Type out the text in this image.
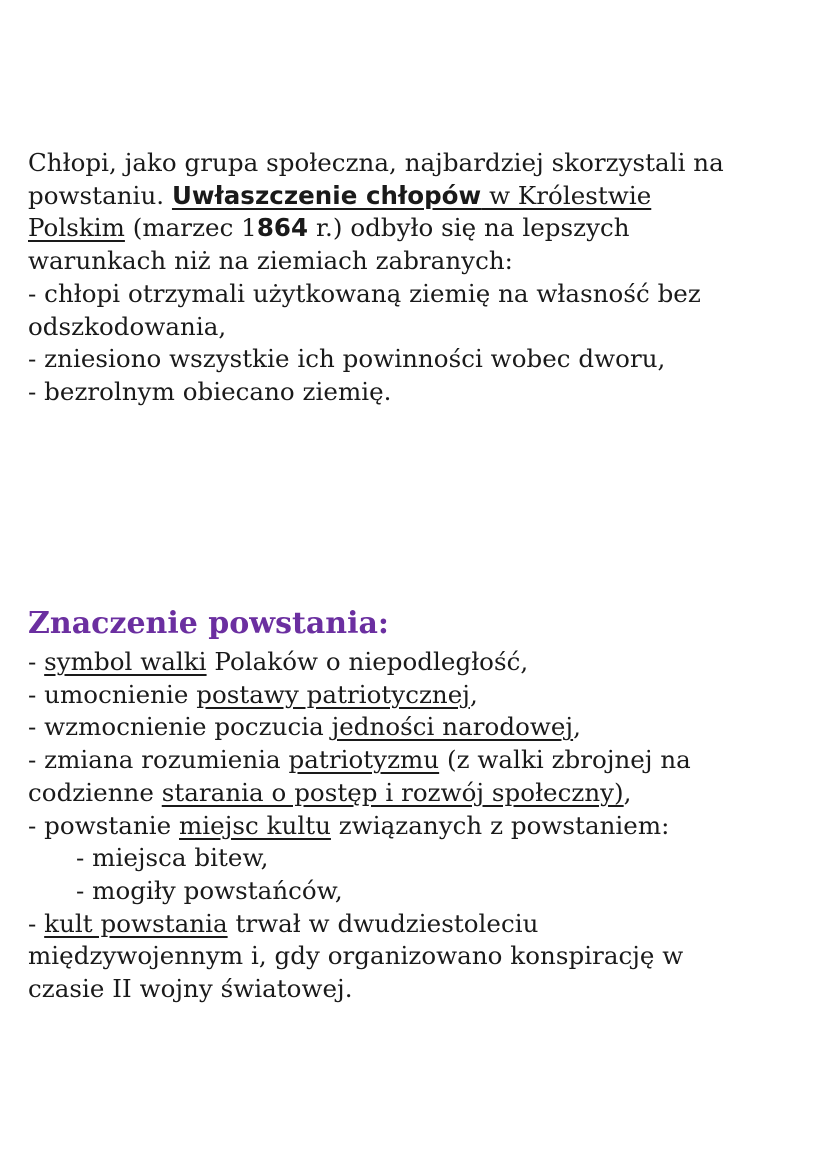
Chłopi, jako grupa społeczna, najbardziej skorzystali na
powstaniu. Uwłaszczenie chłopów w Królestwie
Polskim (marzec 1864 r.) odbyło się na lepszych
warunkach niż na ziemiach zabranych:
- chłopi otrzymali użytkowaną ziemię na własność bez
odszkodowania,
- zniesiono wszystkie ich powinności wobec dworu,
- bezrolnym obiecano ziemię.
Znaczenie powstania:
- symbol walki Polaków o niepodległość,
- umocnienie postawy patriotycznej,
- wzmocnienie poczucia jedności narodowej,
- zmiana rozumienia patriotyzmu (z walki zbrojnej na
codzienne starania o postęp i rozwój społeczny),
- powstanie miejsc kultu związanych z powstaniem:
- miejsca bitew,
- mogiły powstańców,
- kult powstania trwał w dwudziestoleciu
międzywojennym i, gdy organizowano konspirację w
czasie II wojny światowej.
